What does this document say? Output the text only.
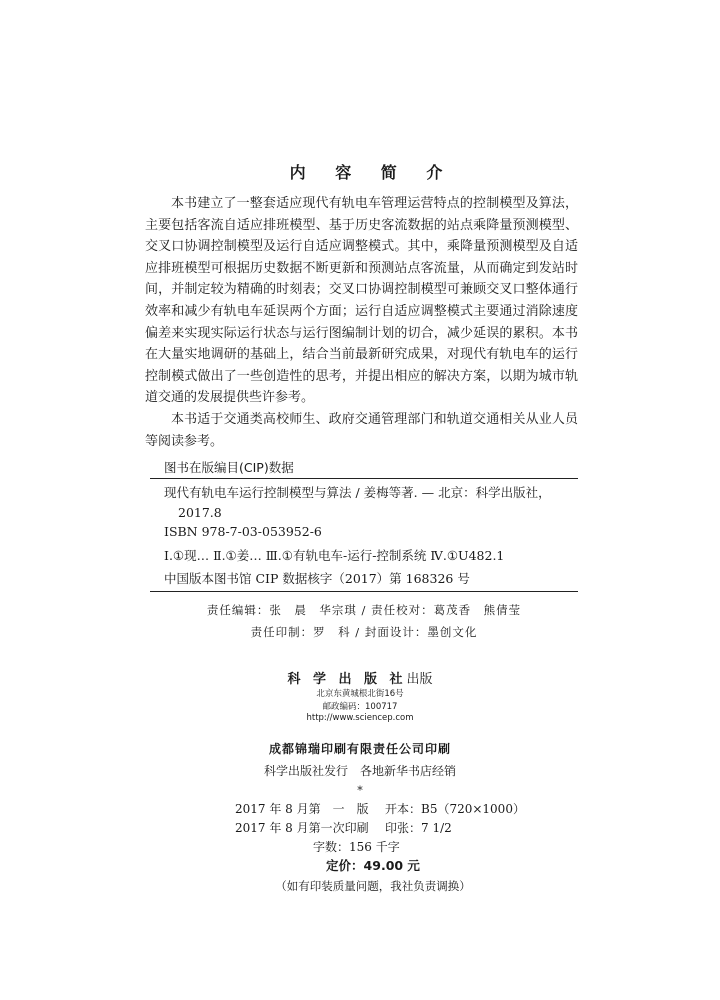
内 容 简 介

本书建立了一整套适应现代有轨电车管理运营特点的控制模型及算法，主要包括客流自适应排班模型、基于历史客流数据的站点乘降量预测模型、交叉口协调控制模型及运行自适应调整模式。其中，乘降量预测模型及自适应排班模型可根据历史数据不断更新和预测站点客流量，从而确定到发站时间，并制定较为精确的时刻表；交叉口协调控制模型可兼顾交叉口整体通行效率和减少有轨电车延误两个方面；运行自适应调整模式主要通过消除速度偏差来实现实际运行状态与运行图编制计划的切合，减少延误的累积。本书在大量实地调研的基础上，结合当前最新研究成果，对现代有轨电车的运行控制模式做出了一些创造性的思考，并提出相应的解决方案，以期为城市轨道交通的发展提供些许参考。

本书适于交通类高校师生、政府交通管理部门和轨道交通相关从业人员等阅读参考。

图书在版编目(CIP)数据
现代有轨电车运行控制模型与算法 / 姜梅等著. — 北京：科学出版社，
2017.8
ISBN 978-7-03-053952-6
Ⅰ.①现… Ⅱ.①姜… Ⅲ.①有轨电车-运行-控制系统 Ⅳ.①U482.1
中国版本图书馆 CIP 数据核字（2017）第 168326 号
责任编辑：张　晨　华宗琪 / 责任校对：葛茂香　熊倩莹
责任印制：罗　科 / 封面设计：墨创文化
科 学 出 版 社出版
北京东黄城根北街16号
邮政编码：100717
http://www.sciencep.com
成都锦瑞印刷有限责任公司印刷
科学出版社发行　各地新华书店经销
*
2017 年 8 月第　一　版 开本：B5（720×1000）
2017 年 8 月第一次印刷 印张：7 1/2
字数：156 千字
定价：49.00 元
（如有印装质量问题，我社负责调换）
